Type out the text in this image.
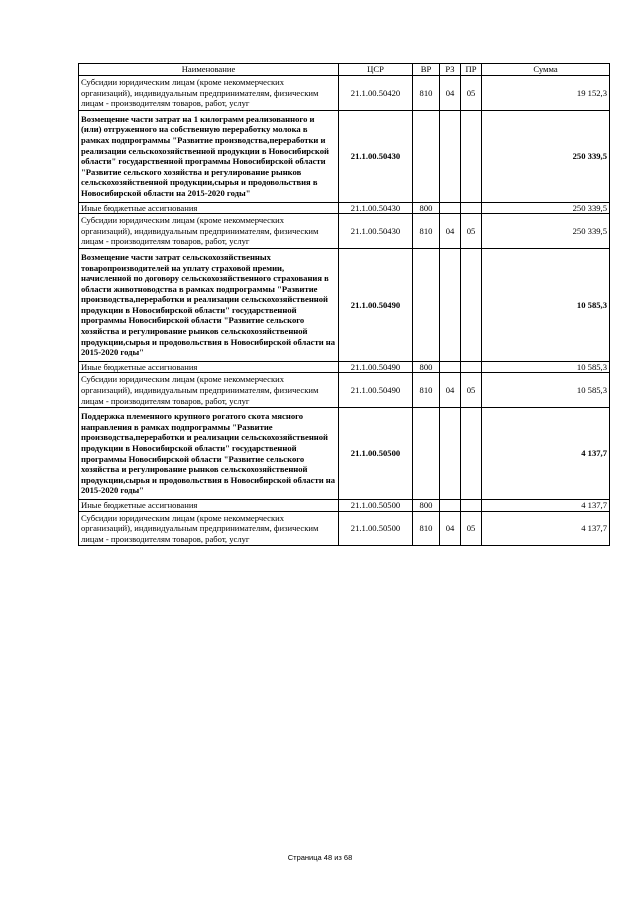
Наименование	ЦСР	ВР	РЗ	ПР	Сумма
Субсидии юридическим лицам (кроме некоммерческих организаций), индивидуальным предпринимателям, физическим лицам - производителям товаров, работ, услуг	21.1.00.50420	810	04	05	19 152,3
Возмещение части затрат на 1 килограмм реализованного и (или) отгруженного на собственную переработку молока в рамках подпрограммы "Развитие производства,переработки и реализации сельскохозяйственной продукции в Новосибирской области" государственной программы Новосибирской области "Развитие сельского хозяйства и регулирование рынков сельскохозяйственной продукции,сырья и продовольствия в Новосибирской области на 2015-2020 годы"	21.1.00.50430				250 339,5
Иные бюджетные ассигнования	21.1.00.50430	800			250 339,5
Субсидии юридическим лицам (кроме некоммерческих организаций), индивидуальным предпринимателям, физическим лицам - производителям товаров, работ, услуг	21.1.00.50430	810	04	05	250 339,5
Возмещение части затрат сельскохозяйственных товаропроизводителей на уплату страховой премии, начисленной по договору сельскохозяйственного страхования в области животноводства в рамках подпрограммы "Развитие производства,переработки и реализации сельскохозяйственной продукции в Новосибирской области" государственной программы Новосибирской области "Развитие сельского хозяйства и регулирование рынков сельскохозяйственной продукции,сырья и продовольствия в Новосибирской области на 2015-2020 годы"	21.1.00.50490				10 585,3
Иные бюджетные ассигнования	21.1.00.50490	800			10 585,3
Субсидии юридическим лицам (кроме некоммерческих организаций), индивидуальным предпринимателям, физическим лицам - производителям товаров, работ, услуг	21.1.00.50490	810	04	05	10 585,3
Поддержка племенного крупного рогатого скота мясного направления в рамках подпрограммы "Развитие производства,переработки и реализации сельскохозяйственной продукции в Новосибирской области" государственной программы Новосибирской области "Развитие сельского хозяйства и регулирование рынков сельскохозяйственной продукции,сырья и продовольствия в Новосибирской области на 2015-2020 годы"	21.1.00.50500				4 137,7
Иные бюджетные ассигнования	21.1.00.50500	800			4 137,7
Субсидии юридическим лицам (кроме некоммерческих организаций), индивидуальным предпринимателям, физическим лицам - производителям товаров, работ, услуг	21.1.00.50500	810	04	05	4 137,7
Страница 48 из 68
